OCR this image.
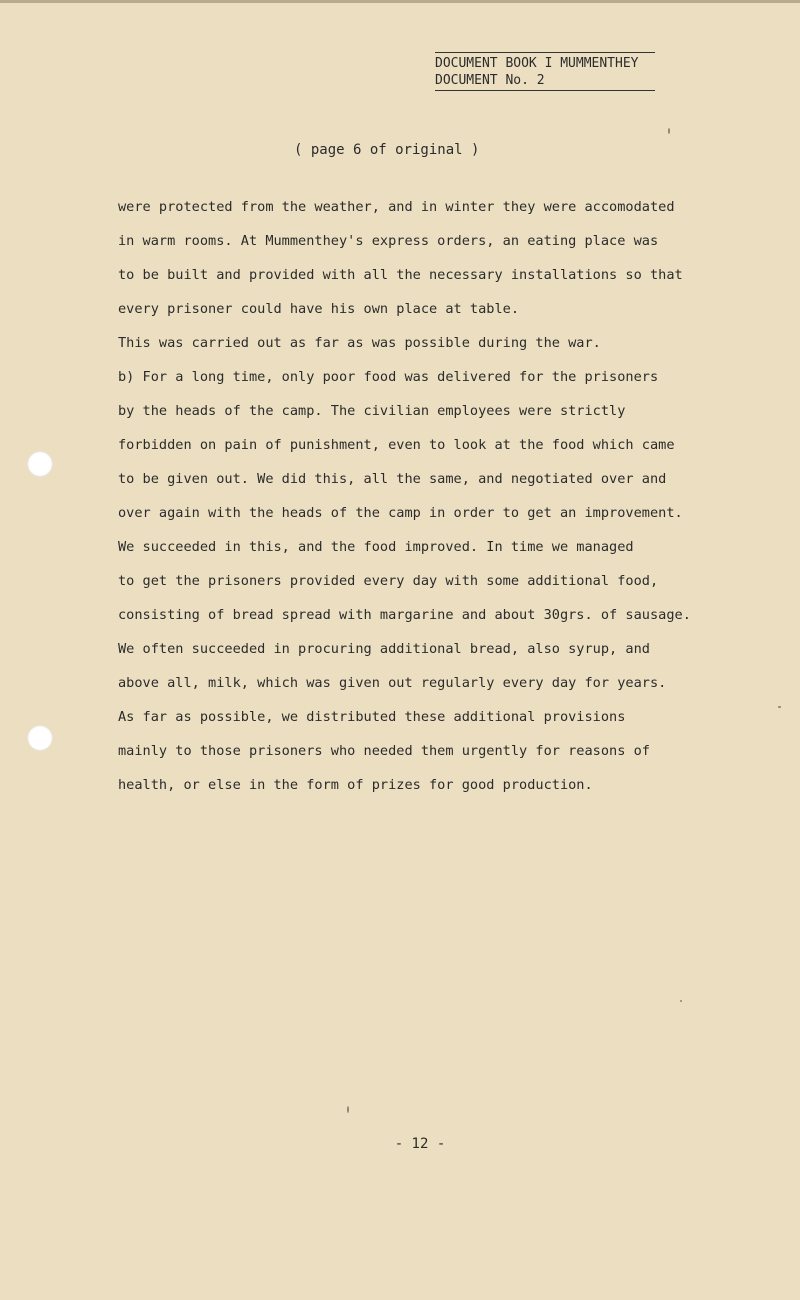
DOCUMENT BOOK I MUMMENTHEY
DOCUMENT No. 2
( page 6 of original )
were protected from the weather, and in winter they were accomodated
in warm rooms. At Mummenthey's express orders, an eating place was
to be built and provided with all the necessary installations so that
every prisoner could have his own place at table.
This was carried out as far as was possible during the war.
b) For a long time, only poor food was delivered for the prisoners
by the heads of the camp. The civilian employees were strictly
forbidden on pain of punishment, even to look at the food which came
to be given out. We did this, all the same, and negotiated over and
over again with the heads of the camp in order to get an improvement.
We succeeded in this, and the food improved. In time we managed
to get the prisoners provided every day with some additional food,
consisting of bread spread with margarine and about 30grs. of sausage.
We often succeeded in procuring additional bread, also syrup, and
above all, milk, which was given out regularly every day for years.
As far as possible, we distributed these additional provisions
mainly to those prisoners who needed them urgently for reasons of
health, or else in the form of prizes for good production.
- 12 -
